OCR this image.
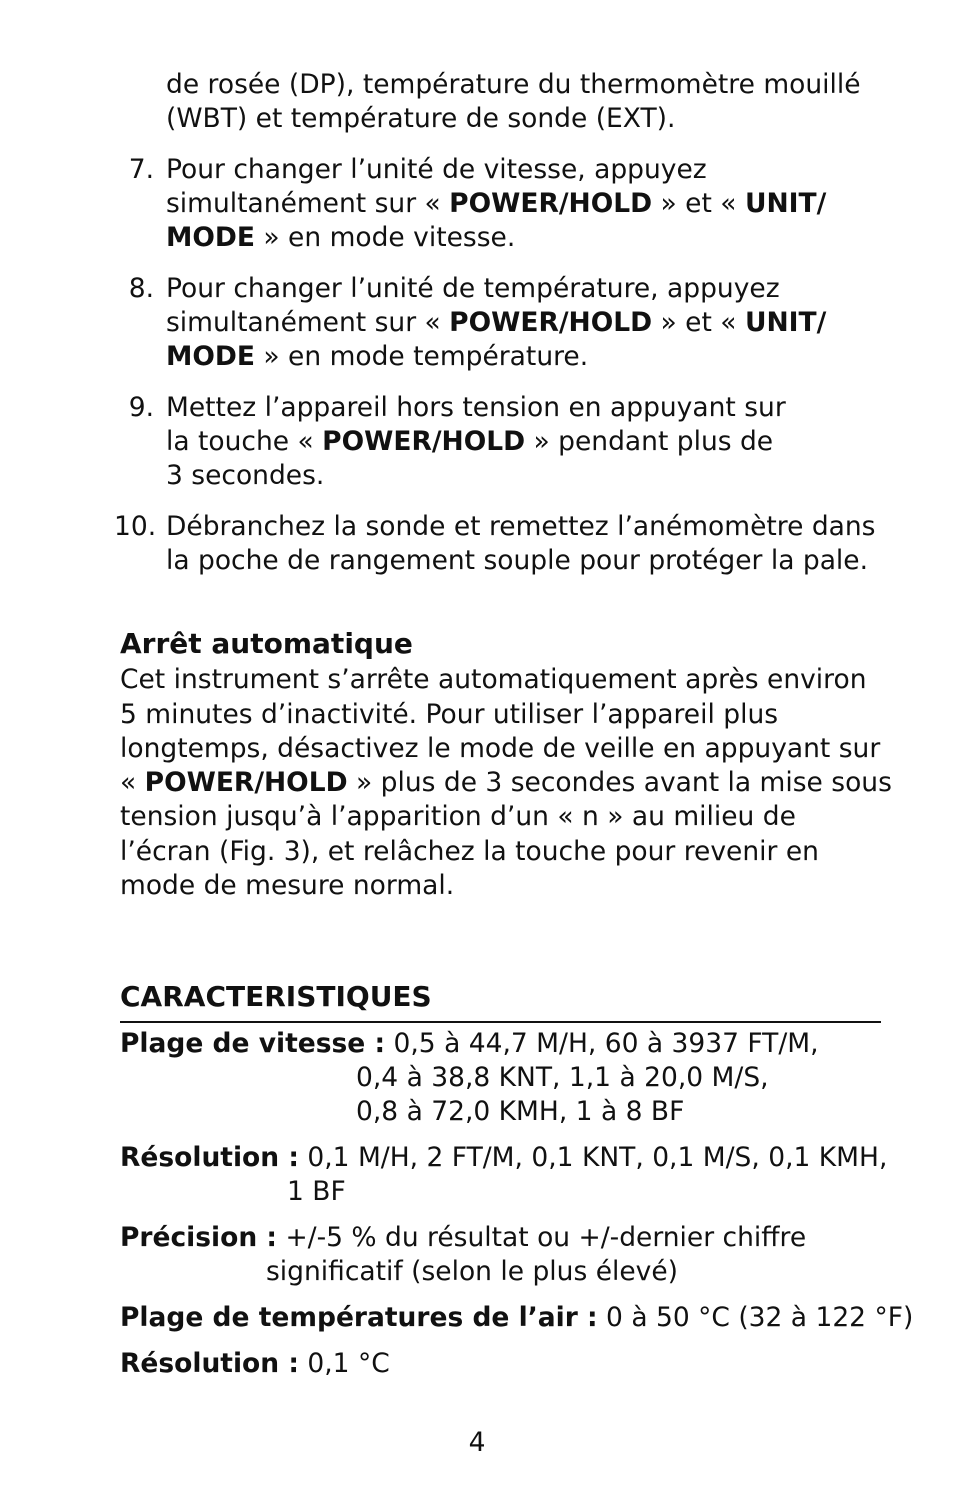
de rosée (DP), température du thermomètre mouillé
(WBT) et température de sonde (EXT).
7. Pour changer l’unité de vitesse, appuyez
simultanément sur « POWER/HOLD » et « UNIT/
MODE » en mode vitesse.
8. Pour changer l’unité de température, appuyez
simultanément sur « POWER/HOLD » et « UNIT/
MODE » en mode température.
9. Mettez l’appareil hors tension en appuyant sur
la touche « POWER/HOLD » pendant plus de
3 secondes.
10. Débranchez la sonde et remettez l’anémomètre dans
la poche de rangement souple pour protéger la pale.
Arrêt automatique
Cet instrument s’arrête automatiquement après environ
5 minutes d’inactivité. Pour utiliser l’appareil plus
longtemps, désactivez le mode de veille en appuyant sur
« POWER/HOLD » plus de 3 secondes avant la mise sous
tension jusqu’à l’apparition d’un « n » au milieu de
l’écran (Fig. 3), et relâchez la touche pour revenir en
mode de mesure normal.
CARACTERISTIQUES
Plage de vitesse : 0,5 à 44,7 M/H, 60 à 3937 FT/M,
0,4 à 38,8 KNT, 1,1 à 20,0 M/S,
0,8 à 72,0 KMH, 1 à 8 BF
Résolution : 0,1 M/H, 2 FT/M, 0,1 KNT, 0,1 M/S, 0,1 KMH,
1 BF
Précision : +/-5 % du résultat ou +/-dernier chiffre
significatif (selon le plus élevé)
Plage de températures de l’air : 0 à 50 °C (32 à 122 °F)
Résolution : 0,1 °C
4
